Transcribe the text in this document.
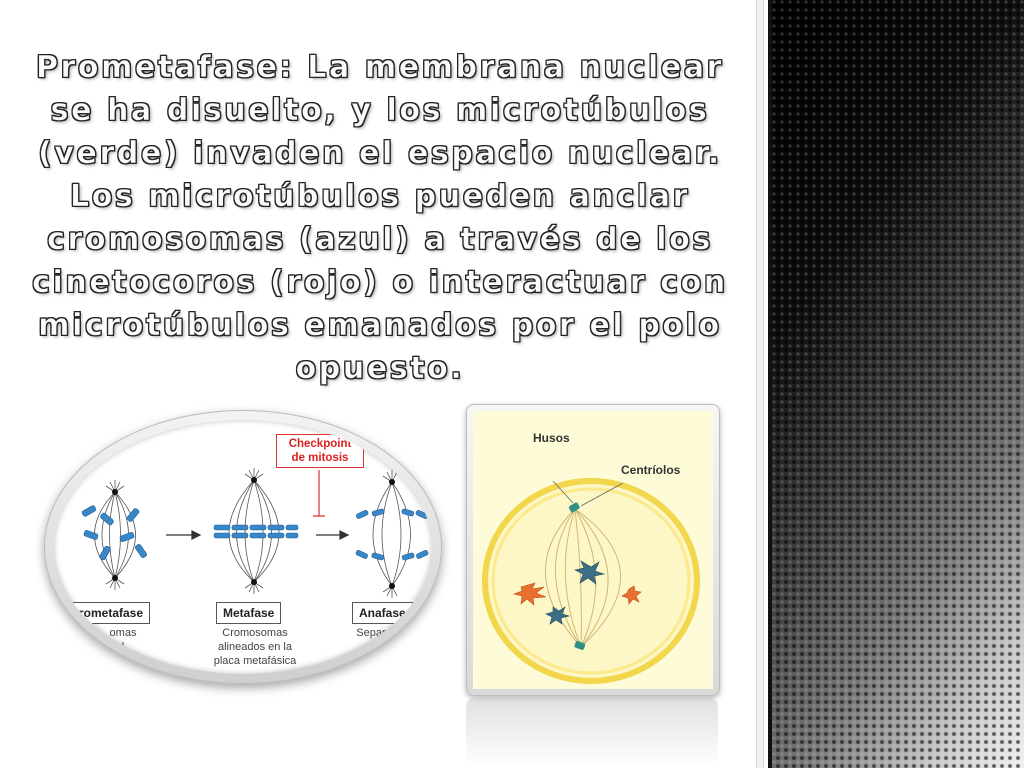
Prometafase: La membrana nuclear se ha disuelto, y los microtúbulos (verde) invaden el espacio nuclear. Los microtúbulos pueden anclar cromosomas (azul) a través de los cinetocoros (rojo) o interactuar con microtúbulos emanados por el polo opuesto.
Checkpoint
de mitosis
rometafase
omas
l
Metafase
Cromosomas
alineados en la
placa metafásica
Anafase
Separa
cr
Husos
Centríolos
